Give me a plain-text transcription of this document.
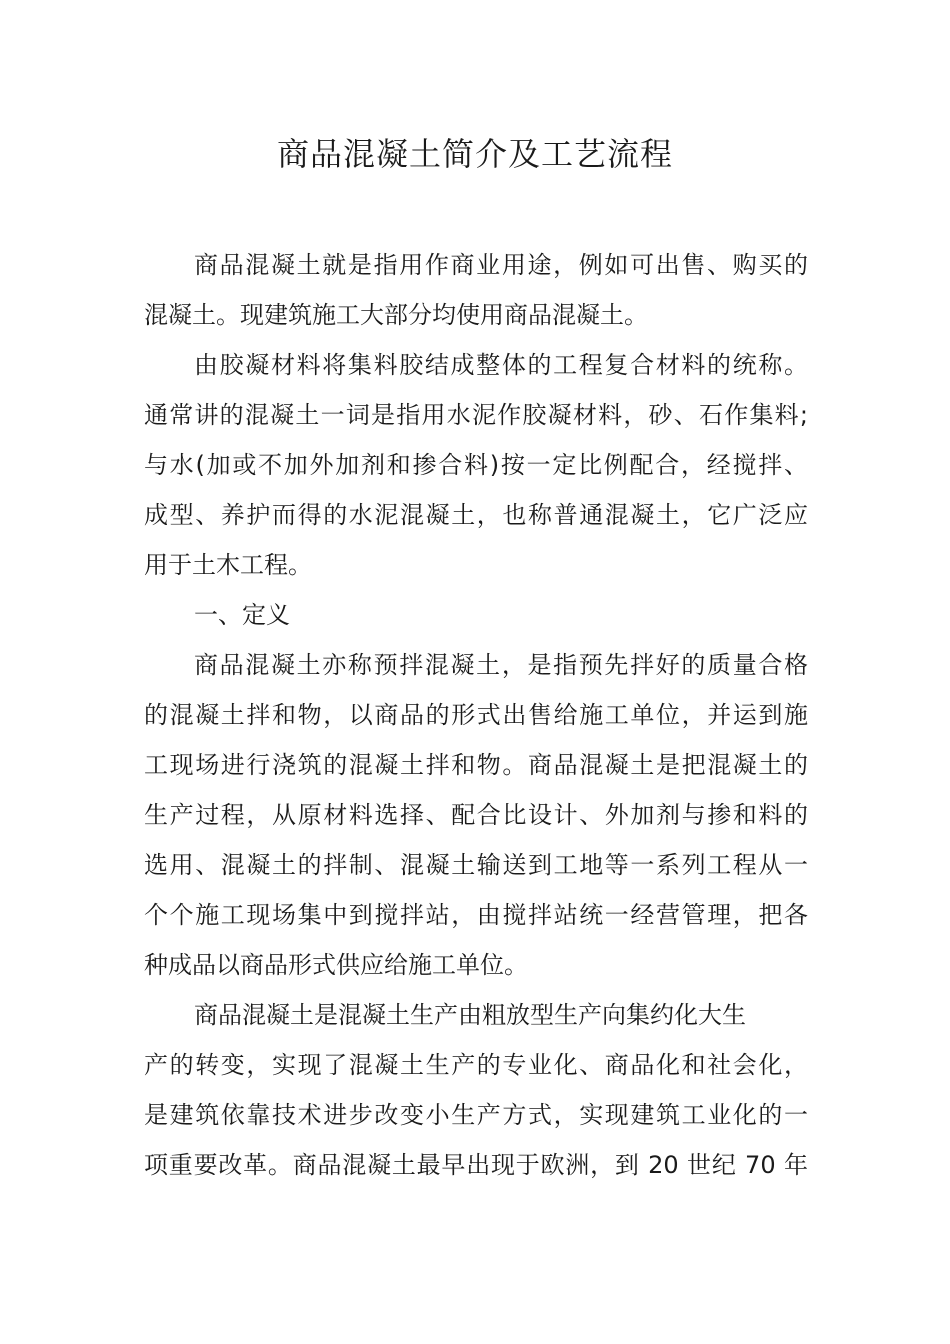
商品混凝土简介及工艺流程
商品混凝土就是指用作商业用途，例如可出售、购买的
混凝土。现建筑施工大部分均使用商品混凝土。
由胶凝材料将集料胶结成整体的工程复合材料的统称。
通常讲的混凝土一词是指用水泥作胶凝材料，砂、石作集料;
与水(加或不加外加剂和掺合料)按一定比例配合，经搅拌、
成型、养护而得的水泥混凝土，也称普通混凝土，它广泛应
用于土木工程。
一、定义
商品混凝土亦称预拌混凝土，是指预先拌好的质量合格
的混凝土拌和物，以商品的形式出售给施工单位，并运到施
工现场进行浇筑的混凝土拌和物。商品混凝土是把混凝土的
生产过程，从原材料选择、配合比设计、外加剂与掺和料的
选用、混凝土的拌制、混凝土输送到工地等一系列工程从一
个个施工现场集中到搅拌站，由搅拌站统一经营管理，把各
种成品以商品形式供应给施工单位。
商品混凝土是混凝土生产由粗放型生产向集约化大生
产的转变，实现了混凝土生产的专业化、商品化和社会化，
是建筑依靠技术进步改变小生产方式，实现建筑工业化的一
项重要改革。商品混凝土最早出现于欧洲，到 20 世纪 70 年
